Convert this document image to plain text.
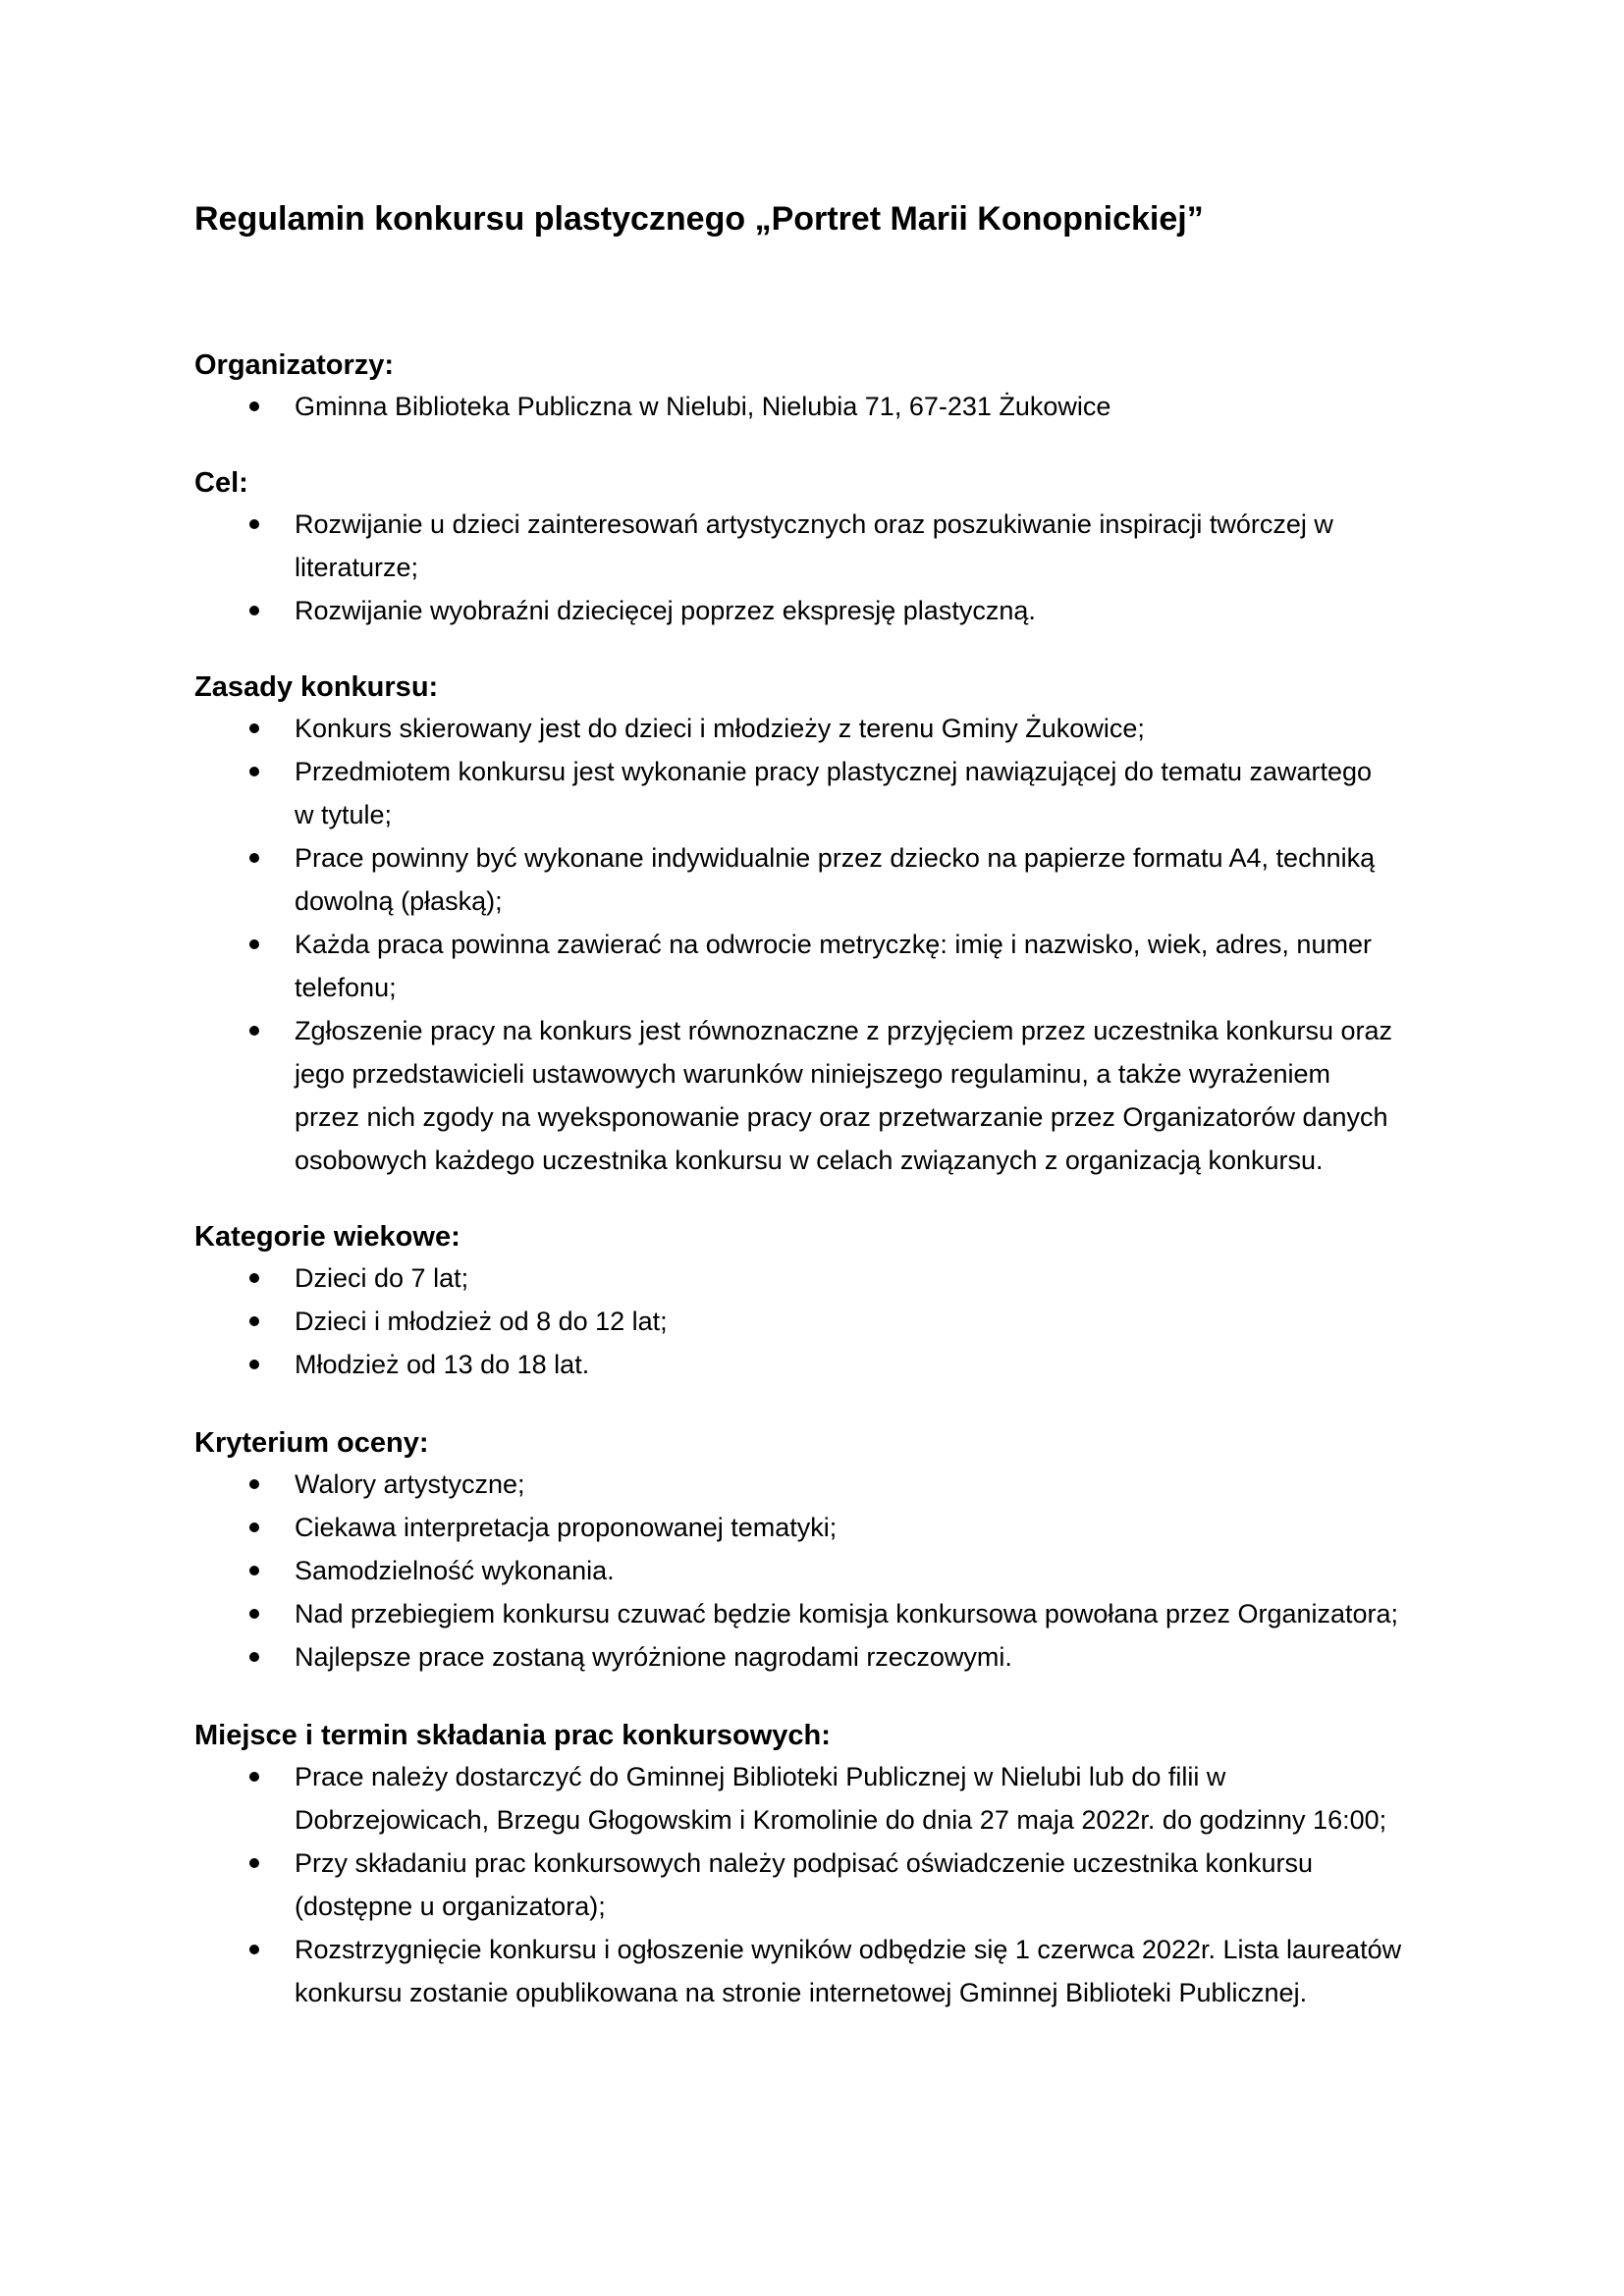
Regulamin konkursu plastycznego „Portret Marii Konopnickiej”
Organizatorzy:
Gminna Biblioteka Publiczna w Nielubi, Nielubia 71, 67-231 Żukowice
Cel:
Rozwijanie u dzieci zainteresowań artystycznych oraz poszukiwanie inspiracji twórczej w
literaturze;
Rozwijanie wyobraźni dziecięcej poprzez ekspresję plastyczną.
Zasady konkursu:
Konkurs skierowany jest do dzieci i młodzieży z terenu Gminy Żukowice;
Przedmiotem konkursu jest wykonanie pracy plastycznej nawiązującej do tematu zawartego
w tytule;
Prace powinny być wykonane indywidualnie przez dziecko na papierze formatu A4, techniką
dowolną (płaską);
Każda praca powinna zawierać na odwrocie metryczkę: imię i nazwisko, wiek, adres, numer
telefonu;
Zgłoszenie pracy na konkurs jest równoznaczne z przyjęciem przez uczestnika konkursu oraz
jego przedstawicieli ustawowych warunków niniejszego regulaminu, a także wyrażeniem
przez nich zgody na wyeksponowanie pracy oraz przetwarzanie przez Organizatorów danych
osobowych każdego uczestnika konkursu w celach związanych z organizacją konkursu.
Kategorie wiekowe:
Dzieci do 7 lat;
Dzieci i młodzież od 8 do 12 lat;
Młodzież od 13 do 18 lat.
Kryterium oceny:
Walory artystyczne;
Ciekawa interpretacja proponowanej tematyki;
Samodzielność wykonania.
Nad przebiegiem konkursu czuwać będzie komisja konkursowa powołana przez Organizatora;
Najlepsze prace zostaną wyróżnione nagrodami rzeczowymi.
Miejsce i termin składania prac konkursowych:
Prace należy dostarczyć do Gminnej Biblioteki Publicznej w Nielubi lub do filii w
Dobrzejowicach, Brzegu Głogowskim i Kromolinie do dnia 27 maja 2022r. do godzinny 16:00;
Przy składaniu prac konkursowych należy podpisać oświadczenie uczestnika konkursu
(dostępne u organizatora);
Rozstrzygnięcie konkursu i ogłoszenie wyników odbędzie się 1 czerwca 2022r. Lista laureatów
konkursu zostanie opublikowana na stronie internetowej Gminnej Biblioteki Publicznej.
